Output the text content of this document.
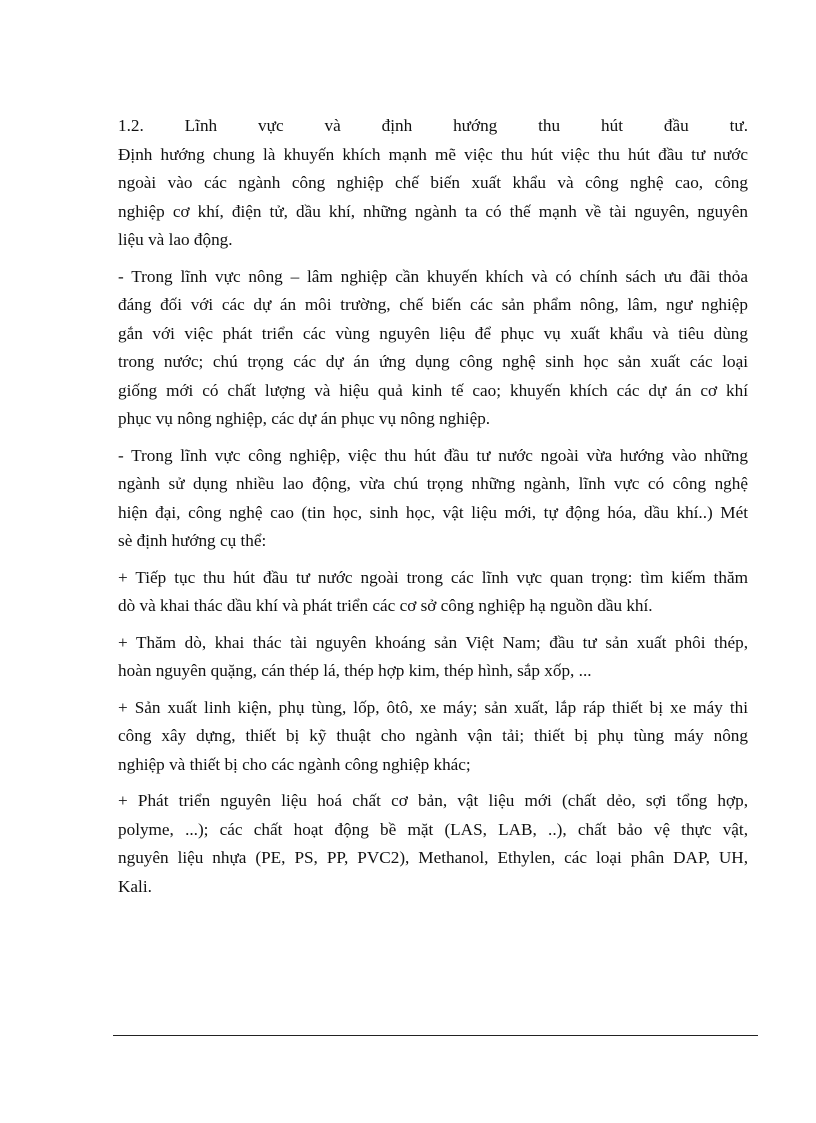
1.2. Lĩnh vực và định hướng thu hút đầu tư.
Định hướng chung là khuyến khích mạnh mẽ việc thu hút việc thu hút đầu tư nước
ngoài vào các ngành công nghiệp chế biến xuất khẩu và công nghệ cao, công
nghiệp cơ khí, điện tử, dầu khí, những ngành ta có thế mạnh về tài nguyên, nguyên
liệu và lao động.
- Trong lĩnh vực nông – lâm nghiệp cần khuyến khích và có chính sách ưu đãi thỏa
đáng đối với các dự án môi trường, chế biến các sản phẩm nông, lâm, ngư nghiệp
gắn với việc phát triển các vùng nguyên liệu để phục vụ xuất khẩu và tiêu dùng
trong nước; chú trọng các dự án ứng dụng công nghệ sinh học sản xuất các loại
giống mới có chất lượng và hiệu quả kinh tế cao; khuyến khích các dự án cơ khí
phục vụ nông nghiệp, các dự án phục vụ nông nghiệp.
- Trong lĩnh vực công nghiệp, việc thu hút đầu tư nước ngoài vừa hướng vào những
ngành sử dụng nhiều lao động, vừa chú trọng những ngành, lĩnh vực có công nghệ
hiện đại, công nghệ cao (tin học, sinh học, vật liệu mới, tự động hóa, dầu khí..) Mét
sè định hướng cụ thể:
+ Tiếp tục thu hút đầu tư nước ngoài trong các lĩnh vực quan trọng: tìm kiếm thăm
dò và khai thác dầu khí và phát triển các cơ sở công nghiệp hạ nguồn dầu khí.
+ Thăm dò, khai thác tài nguyên khoáng sản Việt Nam; đầu tư sản xuất phôi thép,
hoàn nguyên quặng, cán thép lá, thép hợp kim, thép hình, sắp xốp, ...
+ Sản xuất linh kiện, phụ tùng, lốp, ôtô, xe máy; sản xuất, lắp ráp thiết bị xe máy thi
công xây dựng, thiết bị kỹ thuật cho ngành vận tải; thiết bị phụ tùng máy nông
nghiệp và thiết bị cho các ngành công nghiệp khác;
+ Phát triển nguyên liệu hoá chất cơ bản, vật liệu mới (chất dẻo, sợi tổng hợp,
polyme, ...); các chất hoạt động bề mặt (LAS, LAB, ..), chất bảo vệ thực vật,
nguyên liệu nhựa (PE, PS, PP, PVC2), Methanol, Ethylen, các loại phân DAP, UH,
Kali.
